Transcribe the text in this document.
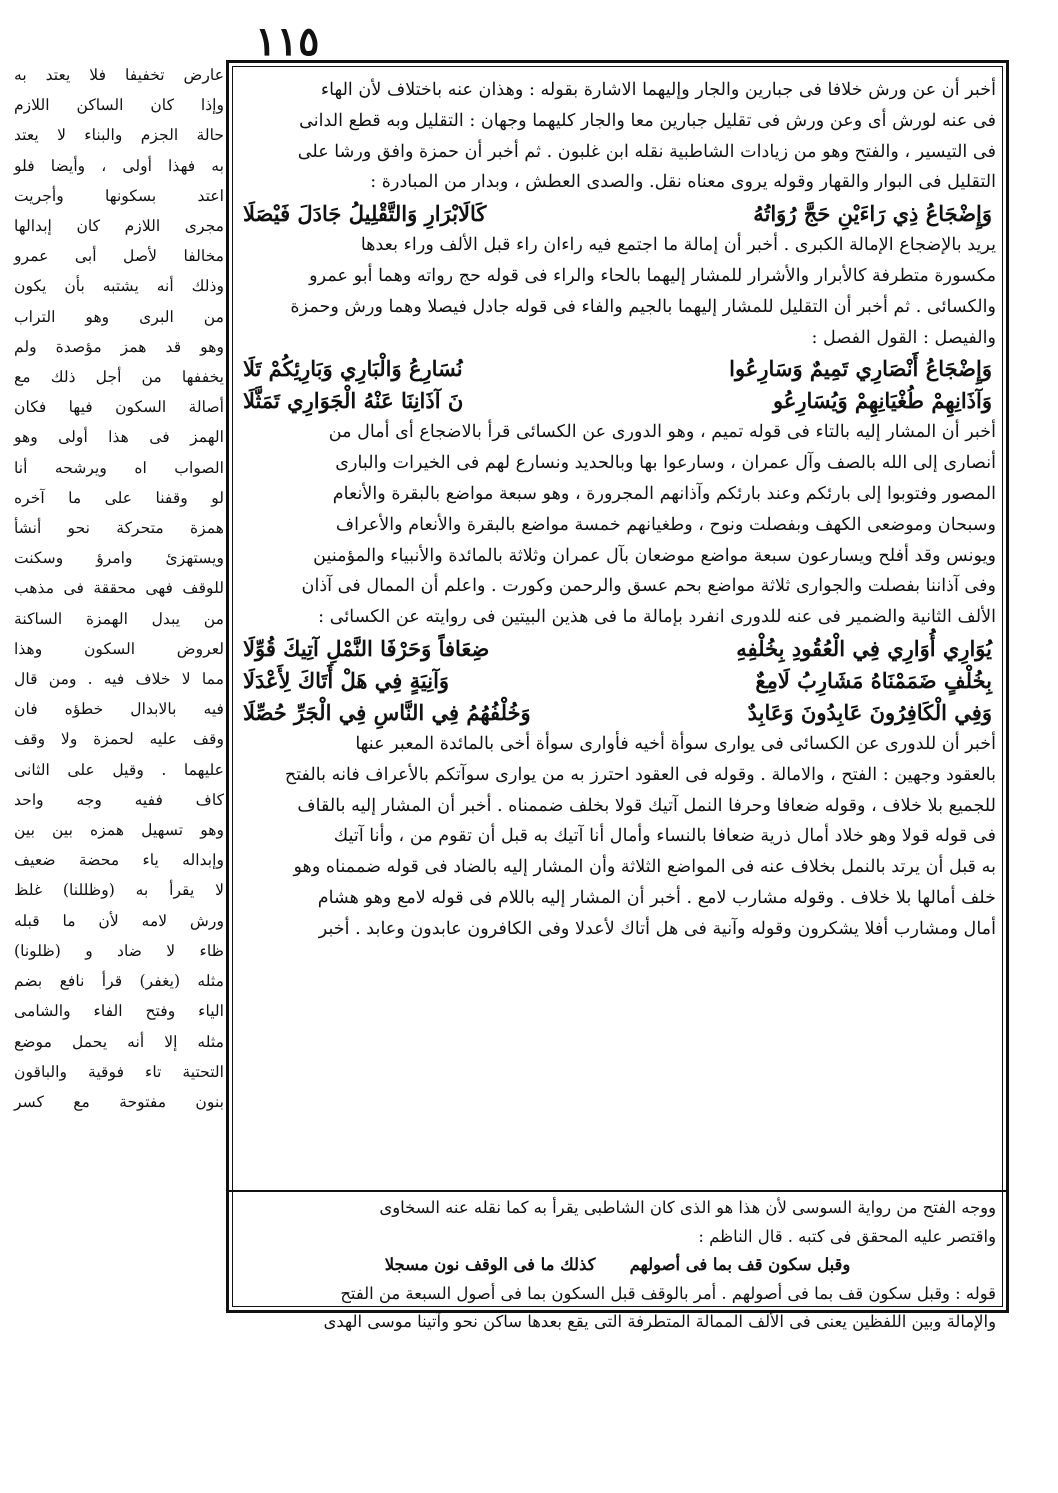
١١٥
عارض تخفيفا فلا يعتد به
وإذا كان الساكن اللازم
حالة الجزم والبناء لا يعتد
به فهذا أولى ، وأيضا فلو
اعتد بسكونها وأجريت
مجرى اللازم كان إبدالها
مخالفا لأصل أبى عمرو
وذلك أنه يشتبه بأن يكون
من البرى وهو التراب
وهو قد همز مؤصدة ولم
يخففها من أجل ذلك مع
أصالة السكون فيها فكان
الهمز فى هذا أولى وهو
الصواب اه ويرشحه أنا
لو وقفنا على ما آخره
همزة متحركة نحو أنشأ
ويستهزئ وامرؤ وسكنت
للوقف فهى محققة فى مذهب
من يبدل الهمزة الساكنة
لعروض السكون وهذا
مما لا خلاف فيه . ومن قال
فيه بالابدال خطؤه فان
وقف عليه لحمزة ولا وقف
عليهما . وقيل على الثانى
كاف ففيه وجه واحد
وهو تسهيل همزه بين بين
وإبداله ياء محضة ضعيف
لا يقرأ به (وظللنا) غلظ
ورش لامه لأن ما قبله
ظاء لا ضاد و (ظلونا)
مثله (يغفر) قرأ نافع بضم
الياء وفتح الفاء والشامى
مثله إلا أنه يحمل موضع
التحتية تاء فوقية والباقون
بنون مفتوحة مع كسر
أخبر أن عن ورش خلافا فى جبارين والجار وإليهما الاشارة بقوله : وهذان عنه باختلاف لأن الهاء
فى عنه لورش أى وعن ورش فى تقليل جبارين معا والجار كليهما وجهان : التقليل وبه قطع الدانى
فى التيسير ، والفتح وهو من زيادات الشاطبية نقله ابن غلبون . ثم أخبر أن حمزة وافق ورشا على
التقليل فى البوار والقهار وقوله يروى معناه نقل. والصدى العطش ، وبدار من المبادرة :
وَإِضْجَاعُ ذِي رَاءَيْنِ حَجَّ رُوَاتُهُ
كَالَابْرَارِ وَالتَّقْلِيلُ جَادَلَ فَيْصَلَا
يريد بالإضجاع الإمالة الكبرى . أخبر أن إمالة ما اجتمع فيه راءان راء قبل الألف وراء بعدها
مكسورة متطرفة كالأبرار والأشرار للمشار إليهما بالحاء والراء فى قوله حج رواته وهما أبو عمرو
والكسائى . ثم أخبر أن التقليل للمشار إليهما بالجيم والفاء فى قوله جادل فيصلا وهما ورش وحمزة
والفيصل : القول الفصل :
وَإِضْجَاعُ أَنْصَارِي تَمِيمٌ وَسَارِعُوا
نُسَارِعُ وَالْبَارِي وَبَارِئِكُمْ تَلَا
وَآذَانِهِمْ طُغْيَانِهِمْ وَيُسَارِعُو
نَ آذَانِنَا عَنْهُ الْجَوَارِي تَمَثَّلَا
أخبر أن المشار إليه بالتاء فى قوله تميم ، وهو الدورى عن الكسائى قرأ بالاضجاع أى أمال من
أنصارى إلى الله بالصف وآل عمران ، وسارعوا بها وبالحديد ونسارع لهم فى الخيرات والبارى
المصور وفتوبوا إلى بارئكم وعند بارئكم وآذانهم المجرورة ، وهو سبعة مواضع بالبقرة والأنعام
وسبحان وموضعى الكهف وبفصلت ونوح ، وطغيانهم خمسة مواضع بالبقرة والأنعام والأعراف
ويونس وقد أفلح ويسارعون سبعة مواضع موضعان بآل عمران وثلاثة بالمائدة والأنبياء والمؤمنين
وفى آذاننا بفصلت والجوارى ثلاثة مواضع بحم عسق والرحمن وكورت . واعلم أن الممال فى آذان
الألف الثانية والضمير فى عنه للدورى انفرد بإمالة ما فى هذين البيتين فى روايته عن الكسائى :
يُوَارِي أُوَارِي فِي الْعُقُودِ بِخُلْفِهِ
ضِعَافاً وَحَرْفَا النَّمْلِ آتِيكَ قُوِّلَا
بِخُلْفٍ ضَمَمْنَاهُ مَشَارِبُ لَامِعٌ
وَآنِيَةٍ فِي هَلْ أَتَاكَ لِأَعْدَلَا
وَفِي الْكَافِرُونَ عَابِدُونَ وَعَابِدٌ
وَخُلْفُهُمُ فِي النَّاسِ فِي الْجَرِّ حُصِّلَا
أخبر أن للدورى عن الكسائى فى يوارى سوأة أخيه فأوارى سوأة أخى بالمائدة المعبر عنها
بالعقود وجهين : الفتح ، والامالة . وقوله فى العقود احترز به من يوارى سوآتكم بالأعراف فانه بالفتح
للجميع بلا خلاف ، وقوله ضعافا وحرفا النمل آتيك قولا بخلف ضممناه . أخبر أن المشار إليه بالقاف
فى قوله قولا وهو خلاد أمال ذرية ضعافا بالنساء وأمال أنا آتيك به قبل أن تقوم من ، وأنا آتيك
به قبل أن يرتد بالنمل بخلاف عنه فى المواضع الثلاثة وأن المشار إليه بالضاد فى قوله ضممناه وهو
خلف أمالها بلا خلاف . وقوله مشارب لامع . أخبر أن المشار إليه باللام فى قوله لامع وهو هشام
أمال ومشارب أفلا يشكرون وقوله وآنية فى هل أتاك لأعدلا وفى الكافرون عابدون وعابد . أخبر
ووجه الفتح من رواية السوسى لأن هذا هو الذى كان الشاطبى يقرأ به كما نقله عنه السخاوى
واقتصر عليه المحقق فى كتبه . قال الناظم :
وقبل سكون قف بما فى أصولهم      كذلك ما فى الوقف نون مسجلا
قوله : وقبل سكون قف بما فى أصولهم . أمر بالوقف قبل السكون بما فى أصول السبعة من الفتح
والإمالة وبين اللفظين يعنى فى الألف الممالة المتطرفة التى يقع بعدها ساكن نحو وآتينا موسى الهدى
